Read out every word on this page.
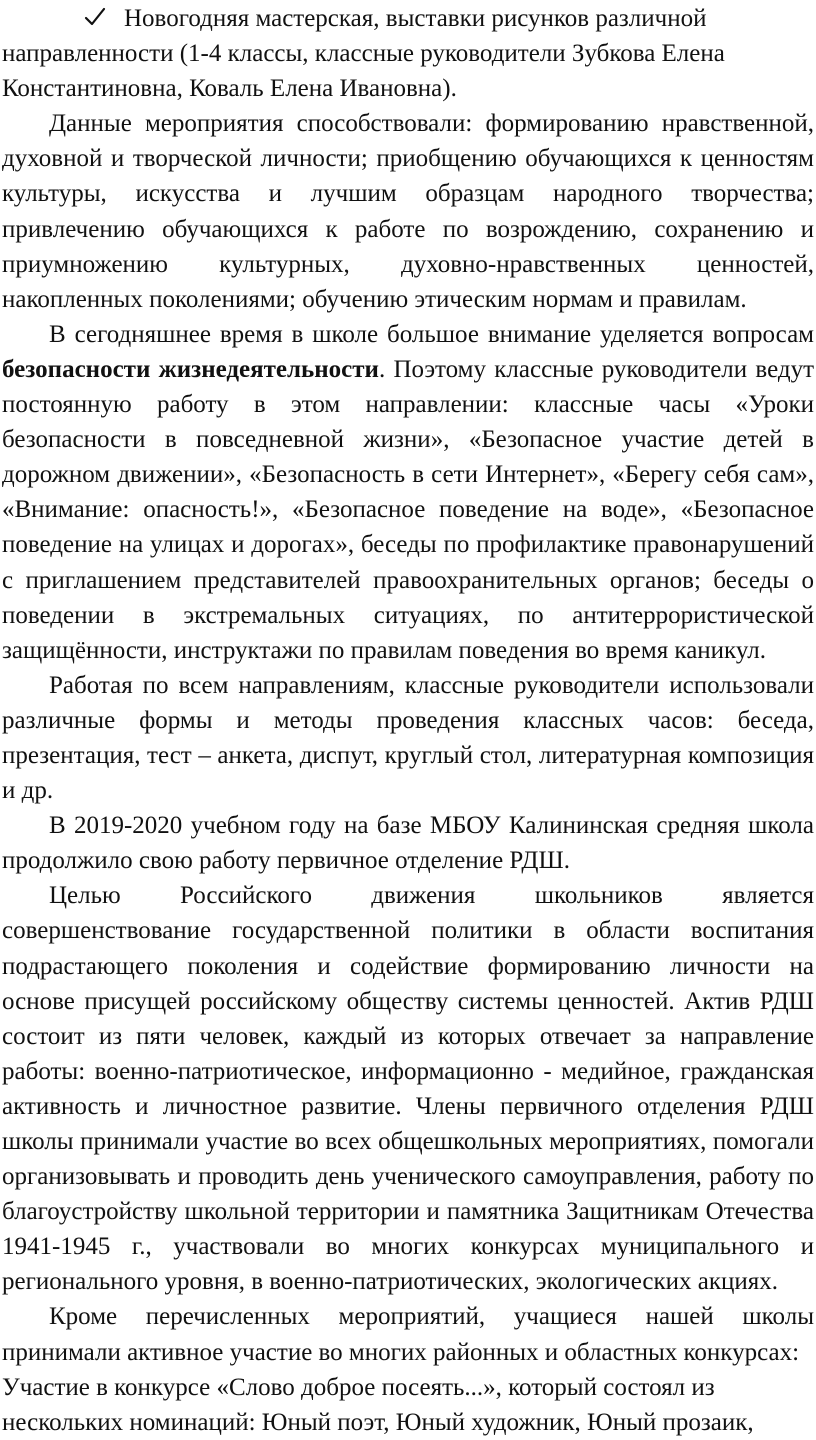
Новогодняя мастерская, выставки рисунков различной направленности (1-4 классы, классные руководители Зубкова Елена Константиновна, Коваль Елена Ивановна).

Данные мероприятия способствовали: формированию нравственной, духовной и творческой личности; приобщению обучающихся к ценностям культуры, искусства и лучшим образцам народного творчества; привлечению обучающихся к работе по возрождению, сохранению и приумножению культурных, духовно-нравственных ценностей, накопленных поколениями; обучению этическим нормам и правилам.

В сегодняшнее время в школе большое внимание уделяется вопросам безопасности жизнедеятельности. Поэтому классные руководители ведут постоянную работу в этом направлении: классные часы «Уроки безопасности в повседневной жизни», «Безопасное участие детей в дорожном движении», «Безопасность в сети Интернет», «Берегу себя сам», «Внимание: опасность!», «Безопасное поведение на воде», «Безопасное поведение на улицах и дорогах», беседы по профилактике правонарушений с приглашением представителей правоохранительных органов; беседы о поведении в экстремальных ситуациях, по антитеррористической защищённости, инструктажи по правилам поведения во время каникул.

Работая по всем направлениям, классные руководители использовали различные формы и методы проведения классных часов: беседа, презентация, тест – анкета, диспут, круглый стол, литературная композиция и др.

В 2019-2020 учебном году на базе МБОУ Калининская средняя школа продолжило свою работу первичное отделение РДШ.

Целью Российского движения школьников является совершенствование государственной политики в области воспитания подрастающего поколения и содействие формированию личности на основе присущей российскому обществу системы ценностей. Актив РДШ состоит из пяти человек, каждый из которых отвечает за направление работы: военно-патриотическое, информационно - медийное, гражданская активность и личностное развитие. Члены первичного отделения РДШ школы принимали участие во всех общешкольных мероприятиях, помогали организовывать и проводить день ученического самоуправления, работу по благоустройству школьной территории и памятника Защитникам Отечества 1941-1945 г., участвовали во многих конкурсах муниципального и регионального уровня, в военно-патриотических, экологических акциях.

Кроме перечисленных мероприятий, учащиеся нашей школы принимали активное участие во многих районных и областных конкурсах:

Участие в конкурсе «Слово доброе посеять...», который состоял из нескольких номинаций: Юный поэт, Юный художник, Юный прозаик,
